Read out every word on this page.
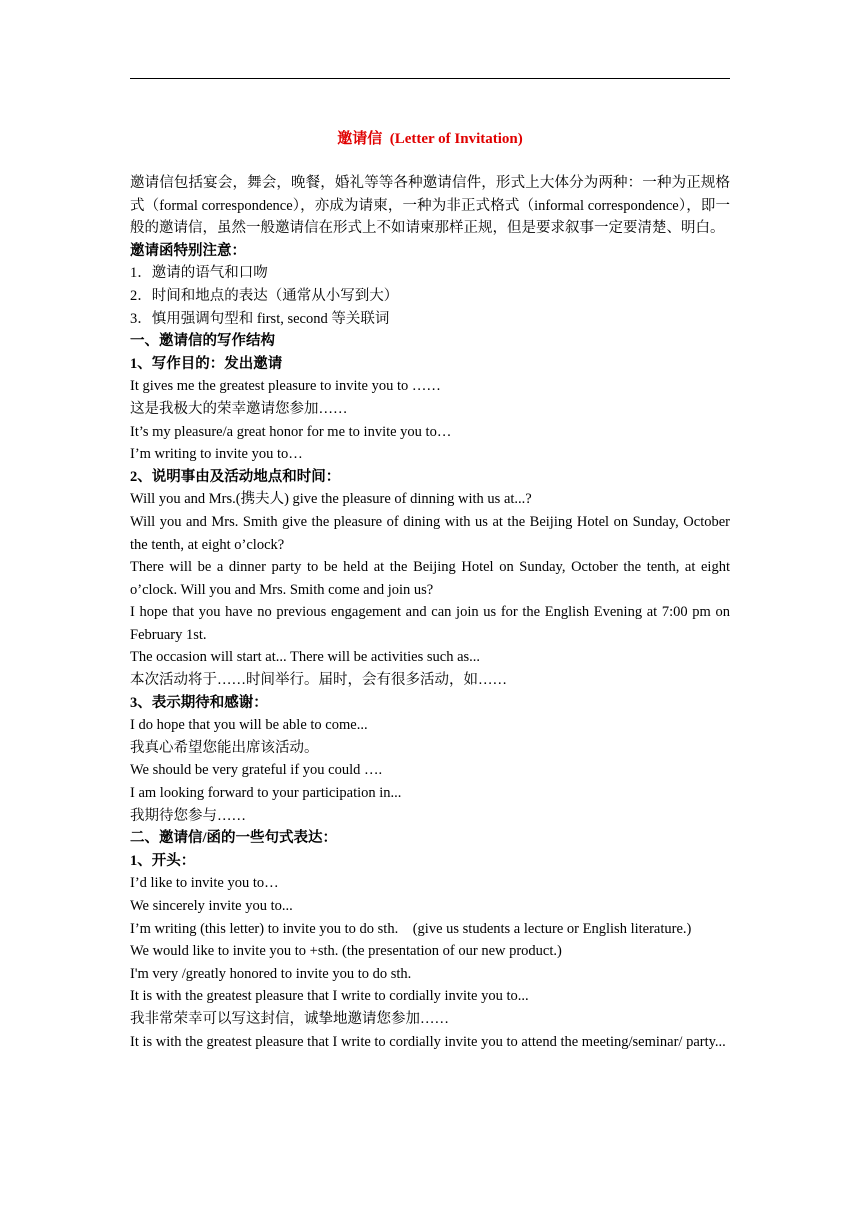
邀请信  (Letter of Invitation)

邀请信包括宴会，舞会，晚餐，婚礼等等各种邀请信件，形式上大体分为两种：一种为正规格式（formal correspondence），亦成为请柬，一种为非正式格式（informal correspondence），即一般的邀请信，虽然一般邀请信在形式上不如请柬那样正规，但是要求叙事一定要清楚、明白。

邀请函特别注意：

1．邀请的语气和口吻

2．时间和地点的表达（通常从小写到大）

3．慎用强调句型和 first, second 等关联词

一、邀请信的写作结构

1、写作目的：发出邀请

It gives me the greatest pleasure to invite you to ……

这是我极大的荣幸邀请您参加……

It’s my pleasure/a great honor for me to invite you to…

I’m writing to invite you to…

2、说明事由及活动地点和时间：

Will you and Mrs.(携夫人) give the pleasure of dinning with us at...?

Will you and Mrs. Smith give the pleasure of dining with us at the Beijing Hotel on Sunday, October the tenth, at eight o’clock?

There will be a dinner party to be held at the Beijing Hotel on Sunday, October the tenth, at eight o’clock. Will you and Mrs. Smith come and join us?

I hope that you have no previous engagement and can join us for the English Evening at 7:00 pm on February 1st.

The occasion will start at... There will be activities such as...

本次活动将于……时间举行。届时，会有很多活动，如……

3、表示期待和感谢：

I do hope that you will be able to come...

我真心希望您能出席该活动。

We should be very grateful if you could ….

I am looking forward to your participation in...

我期待您参与……

二、邀请信/函的一些句式表达：

1、开头：

I’d like to invite you to…

We sincerely invite you to...

I’m writing (this letter) to invite you to do sth.    (give us students a lecture or English literature.)

We would like to invite you to +sth. (the presentation of our new product.)

I'm very /greatly honored to invite you to do sth.

It is with the greatest pleasure that I write to cordially invite you to...

我非常荣幸可以写这封信，诚挚地邀请您参加……

It is with the greatest pleasure that I write to cordially invite you to attend the meeting/seminar/ party...
